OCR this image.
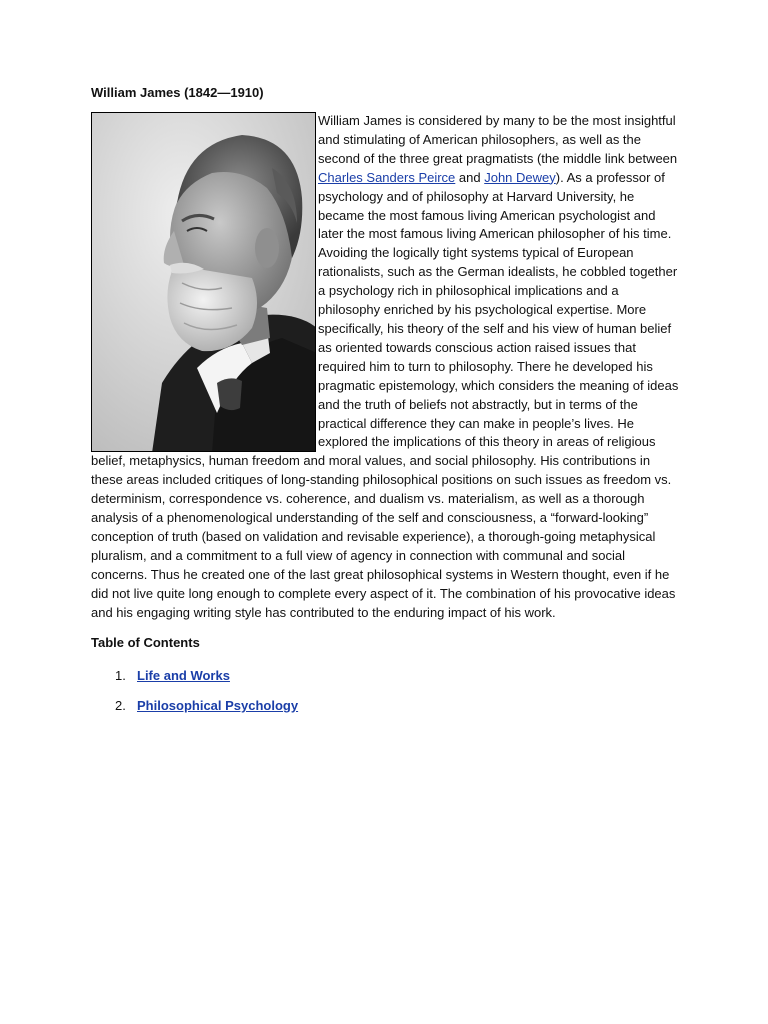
William James (1842—1910)

William James is considered by many to be the most insightful and stimulating of American philosophers, as well as the second of the three great pragmatists (the middle link between Charles Sanders Peirce and John Dewey). As a professor of psychology and of philosophy at Harvard University, he became the most famous living American psychologist and later the most famous living American philosopher of his time. Avoiding the logically tight systems typical of European rationalists, such as the German idealists, he cobbled together a psychology rich in philosophical implications and a philosophy enriched by his psychological expertise. More specifically, his theory of the self and his view of human belief as oriented towards conscious action raised issues that required him to turn to philosophy. There he developed his pragmatic epistemology, which considers the meaning of ideas and the truth of beliefs not abstractly, but in terms of the practical difference they can make in people’s lives. He explored the implications of this theory in areas of religious belief, metaphysics, human freedom and moral values, and social philosophy. His contributions in these areas included critiques of long-standing philosophical positions on such issues as freedom vs. determinism, correspondence vs. coherence, and dualism vs. materialism, as well as a thorough analysis of a phenomenological understanding of the self and consciousness, a “forward-looking” conception of truth (based on validation and revisable experience), a thorough-going metaphysical pluralism, and a commitment to a full view of agency in connection with communal and social concerns. Thus he created one of the last great philosophical systems in Western thought, even if he did not live quite long enough to complete every aspect of it. The combination of his provocative ideas and his engaging writing style has contributed to the enduring impact of his work.

Table of Contents
1. Life and Works
2. Philosophical Psychology
